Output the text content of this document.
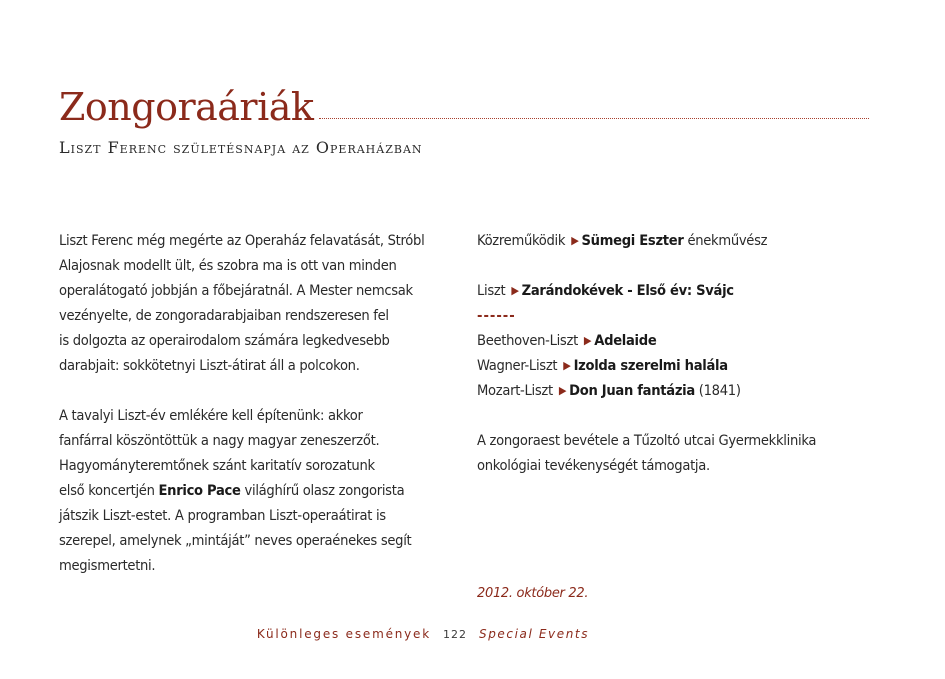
Zongoraáriák
Liszt Ferenc születésnapja az Operaházban

Liszt Ferenc még megérte az Operaház felavatását, Stróbl
Alajosnak modellt ült, és szobra ma is ott van minden
operalátogató jobbján a főbejáratnál. A Mester nemcsak
vezényelte, de zongoradarabjaiban rendszeresen fel
is dolgozta az operairodalom számára legkedvesebb
darabjait: sokkötetnyi Liszt-átirat áll a polcokon.

A tavalyi Liszt-év emlékére kell építenünk: akkor
fanfárral köszöntöttük a nagy magyar zeneszerzőt.
Hagyományteremtőnek szánt karitatív sorozatunk
első koncertjén Enrico Pace világhírű olasz zongorista
játszik Liszt-estet. A programban Liszt-operaátirat is
szerepel, amelynek „mintáját” neves operaénekes segít
megismertetni.

Közreműködik ▶ Sümegi Eszter énekművész
Liszt ▶ Zarándokévek - Első év: Svájc
------
Beethoven-Liszt ▶ Adelaide
Wagner-Liszt ▶ Izolda szerelmi halála
Mozart-Liszt ▶ Don Juan fantázia (1841)
A zongoraest bevétele a Tűzoltó utcai Gyermekklinika
onkológiai tevékenységét támogatja.
2012. október 22.
Különleges események 122 Special Events
